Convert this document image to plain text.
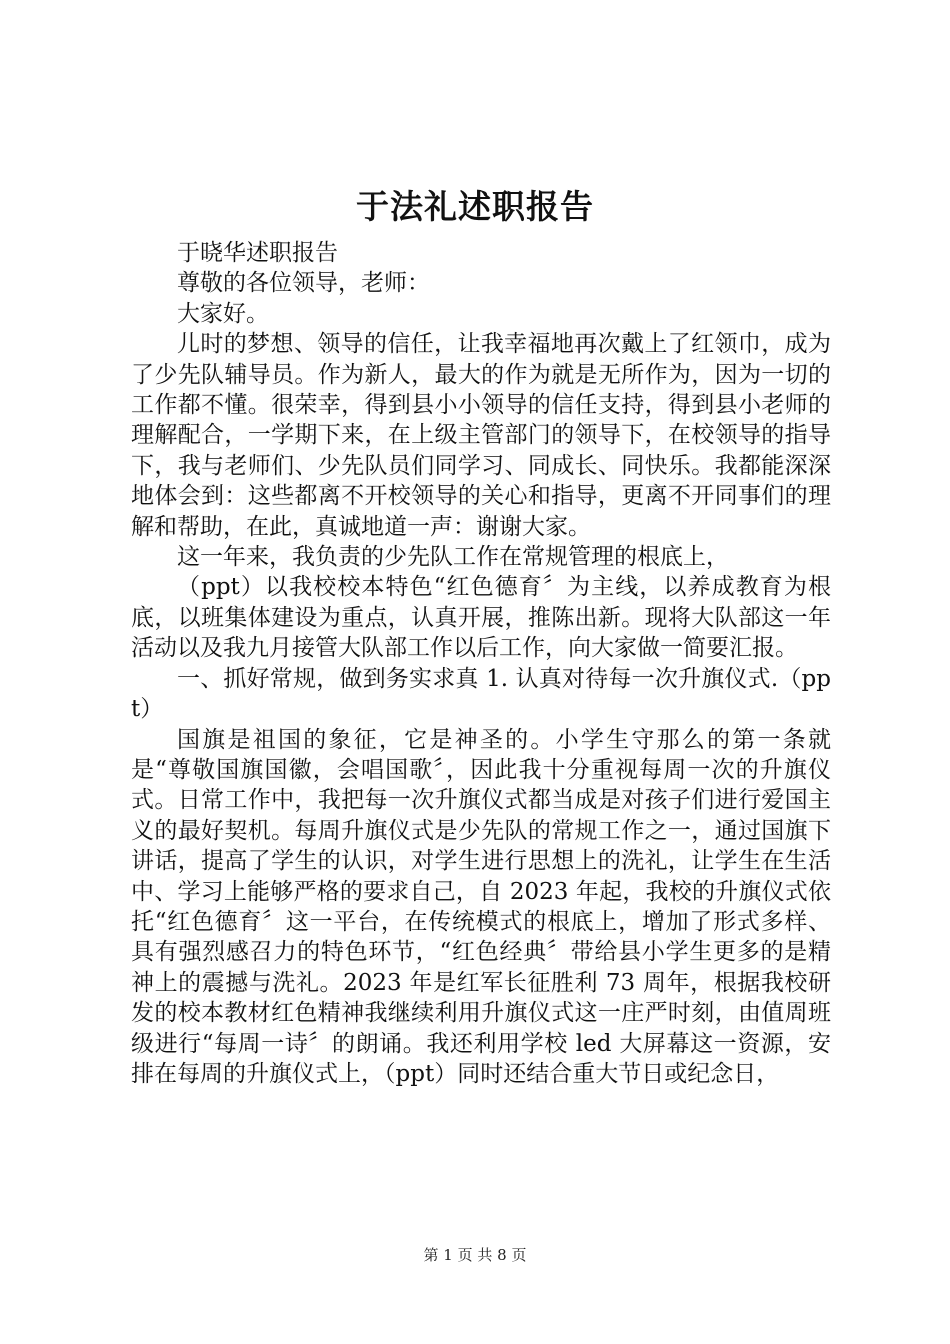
于法礼述职报告

于晓华述职报告

尊敬的各位领导，老师：

大家好。

儿时的梦想、领导的信任，让我幸福地再次戴上了红领巾，成为了少先队辅导员。作为新人，最大的作为就是无所作为，因为一切的工作都不懂。很荣幸，得到县小小领导的信任支持，得到县小老师的理解配合，一学期下来，在上级主管部门的领导下，在校领导的指导下，我与老师们、少先队员们同学习、同成长、同快乐。我都能深深地体会到：这些都离不开校领导的关心和指导，更离不开同事们的理解和帮助，在此，真诚地道一声：谢谢大家。

这一年来，我负责的少先队工作在常规管理的根底上，

（ppt）以我校校本特色“红色德育〞为主线，以养成教育为根底，以班集体建设为重点，认真开展，推陈出新。现将大队部这一年活动以及我九月接管大队部工作以后工作，向大家做一简要汇报。

一、抓好常规，做到务实求真 1. 认真对待每一次升旗仪式.（ppt）

国旗是祖国的象征，它是神圣的。小学生守那么的第一条就是“尊敬国旗国徽，会唱国歌〞，因此我十分重视每周一次的升旗仪式。日常工作中，我把每一次升旗仪式都当成是对孩子们进行爱国主义的最好契机。每周升旗仪式是少先队的常规工作之一，通过国旗下讲话，提高了学生的认识，对学生进行思想上的洗礼，让学生在生活中、学习上能够严格的要求自己，自 2023 年起，我校的升旗仪式依托“红色德育〞这一平台，在传统模式的根底上，增加了形式多样、具有强烈感召力的特色环节，“红色经典〞带给县小学生更多的是精神上的震撼与洗礼。2023 年是红军长征胜利 73 周年，根据我校研发的校本教材红色精神我继续利用升旗仪式这一庄严时刻，由值周班级进行“每周一诗〞的朗诵。我还利用学校 led 大屏幕这一资源，安排在每周的升旗仪式上，（ppt）同时还结合重大节日或纪念日，

第 1 页 共 8 页
